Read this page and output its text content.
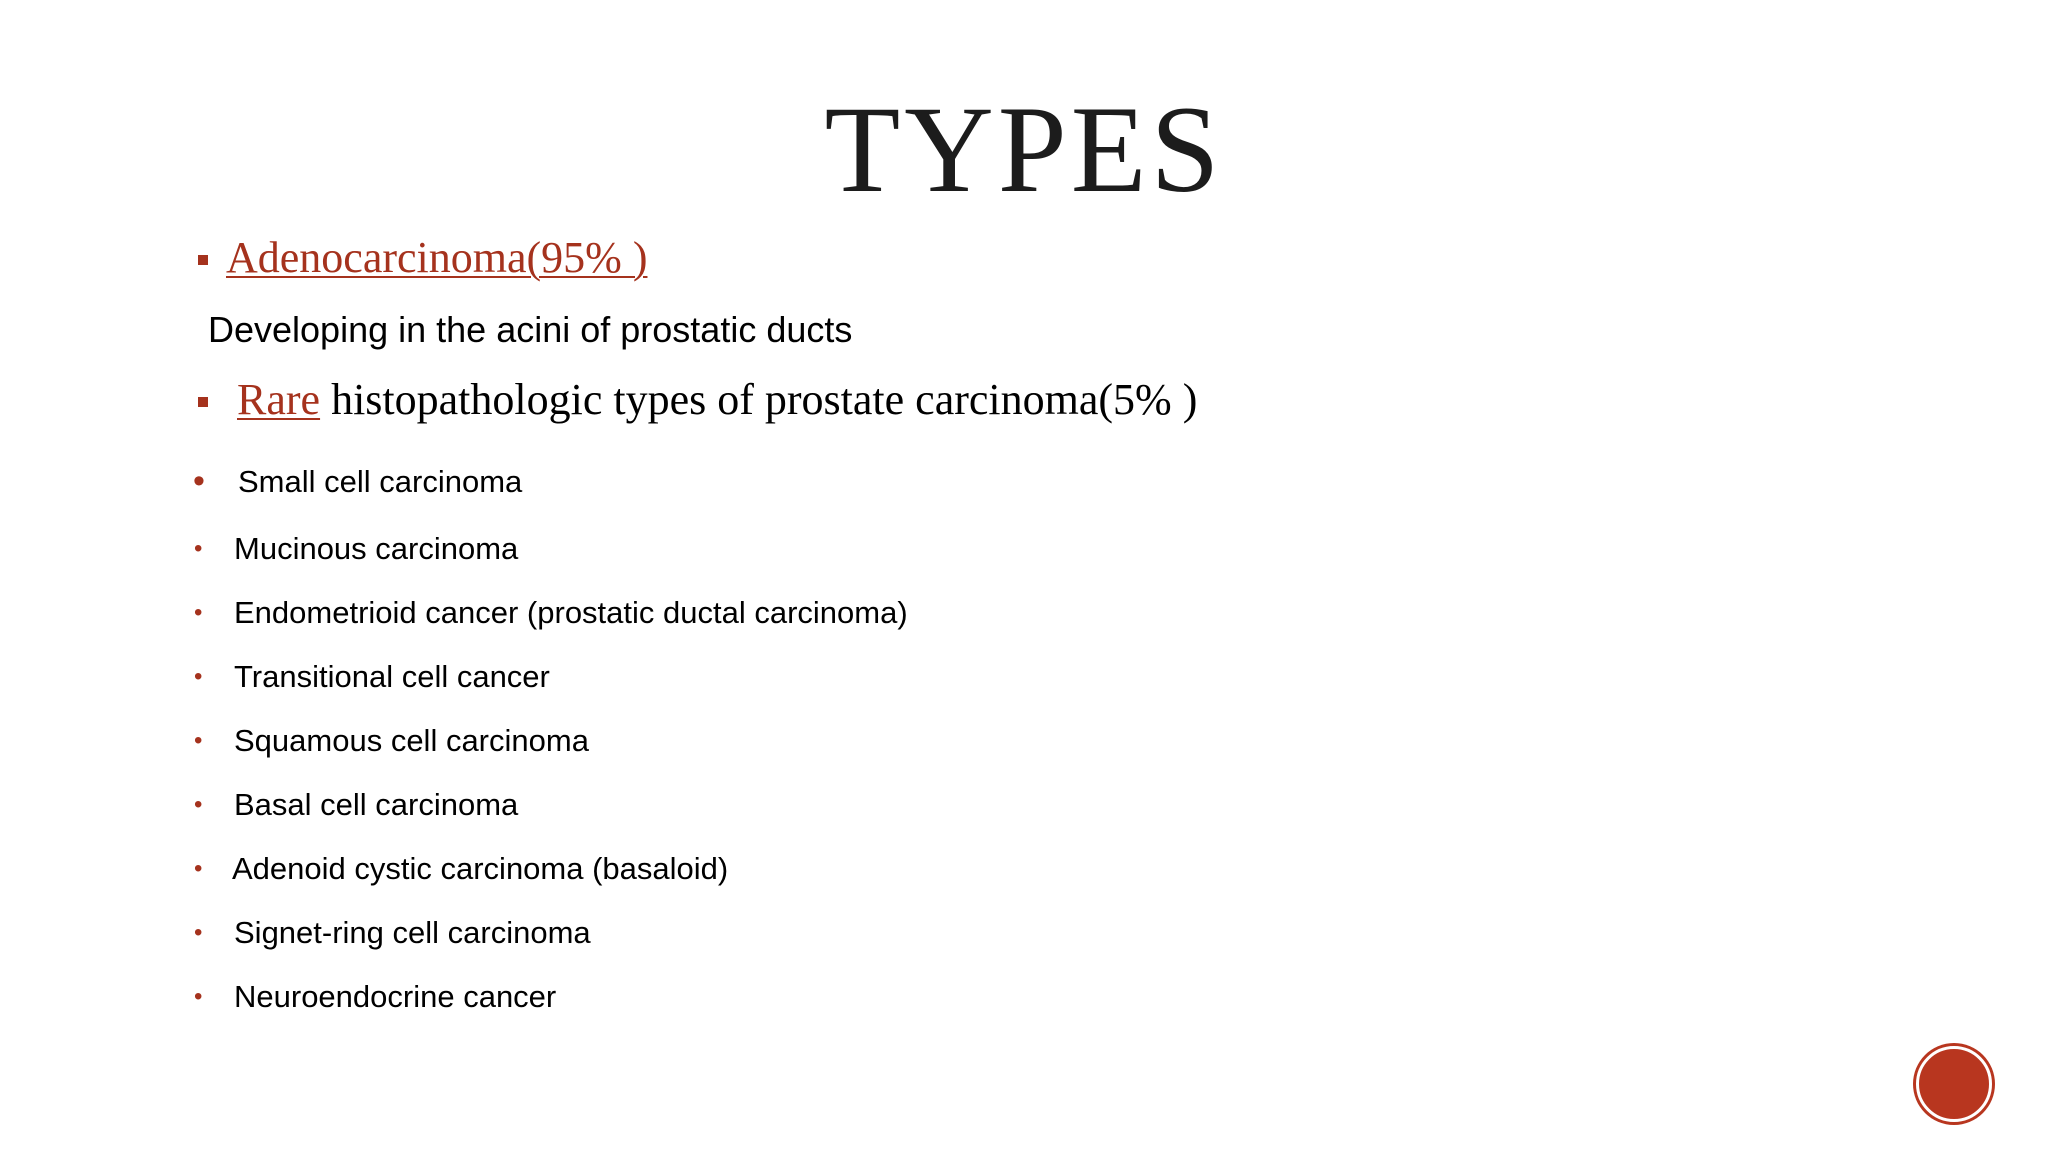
TYPES
Adenocarcinoma(95% )
Developing in the acini of prostatic ducts
Rare histopathologic types of prostate carcinoma(5% )
• Small cell carcinoma
• Mucinous carcinoma
• Endometrioid cancer (prostatic ductal carcinoma)
• Transitional cell cancer
• Squamous cell carcinoma
• Basal cell carcinoma
• Adenoid cystic carcinoma (basaloid)
• Signet-ring cell carcinoma
• Neuroendocrine cancer
